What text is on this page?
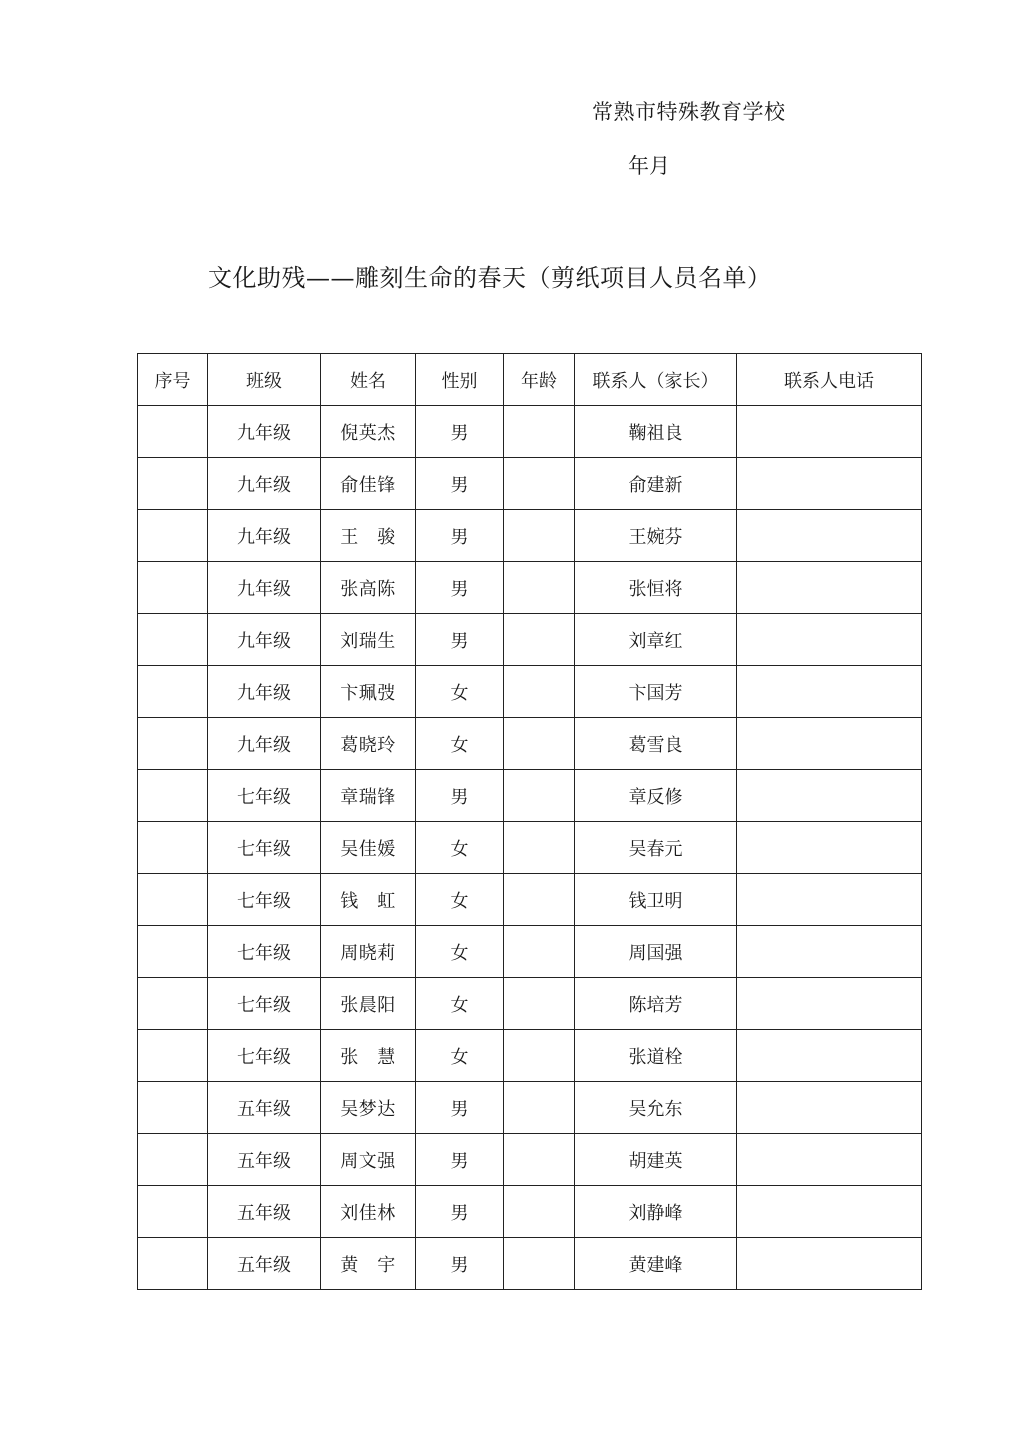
常熟市特殊教育学校
年月
文化助残——雕刻生命的春天（剪纸项目人员名单）
序号	班级	姓名	性别	年龄	联系人（家长）	联系人电话
	九年级	倪英杰	男		鞠祖良	
	九年级	俞佳锋	男		俞建新	
	九年级	王　骏	男		王婉芬	
	九年级	张高陈	男		张恒将	
	九年级	刘瑞生	男		刘章红	
	九年级	卞珮弢	女		卞国芳	
	九年级	葛晓玲	女		葛雪良	
	七年级	章瑞锋	男		章反修	
	七年级	吴佳媛	女		吴春元	
	七年级	钱　虹	女		钱卫明	
	七年级	周晓莉	女		周国强	
	七年级	张晨阳	女		陈培芳	
	七年级	张　慧	女		张道栓	
	五年级	吴梦达	男		吴允东	
	五年级	周文强	男		胡建英	
	五年级	刘佳林	男		刘静峰	
	五年级	黄　宇	男		黄建峰	
